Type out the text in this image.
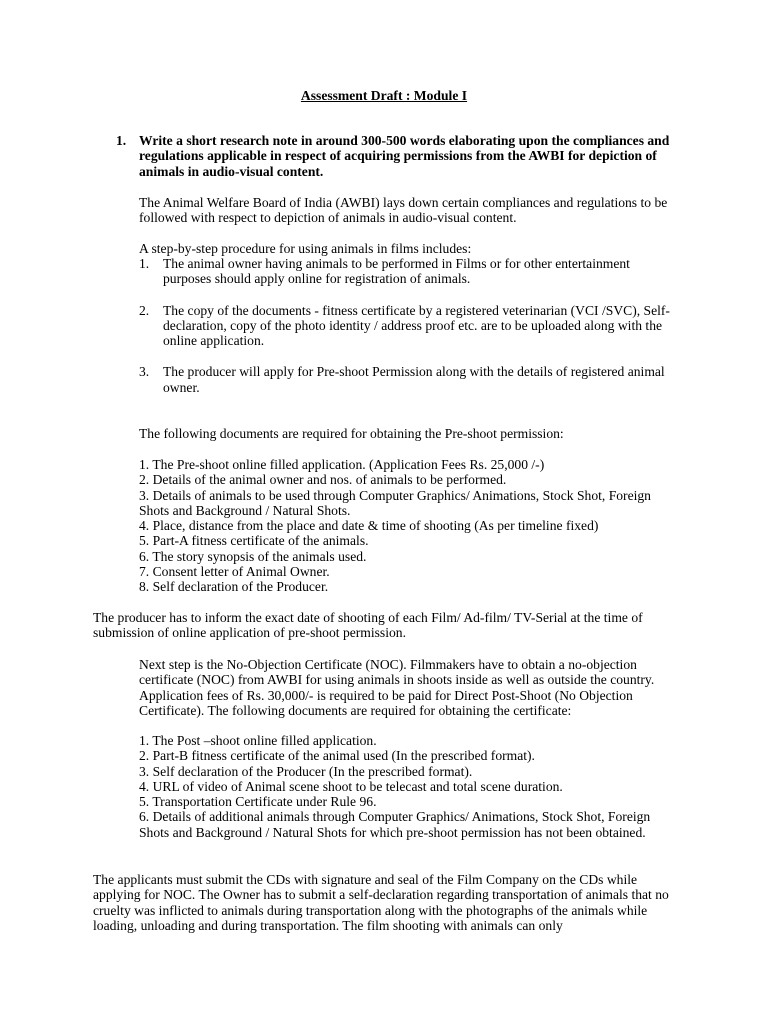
Assessment Draft : Module I
1. Write a short research note in around 300-500 words elaborating upon the compliances and regulations applicable in respect of acquiring permissions from the AWBI for depiction of animals in audio-visual content.
The Animal Welfare Board of India (AWBI) lays down certain compliances and regulations to be followed with respect to depiction of animals in audio-visual content.
A step-by-step procedure for using animals in films includes:
1. The animal owner having animals to be performed in Films or for other entertainment purposes should apply online for registration of animals.
2. The copy of the documents - fitness certificate by a registered veterinarian (VCI /SVC), Self-declaration, copy of the photo identity / address proof etc. are to be uploaded along with the online application.
3. The producer will apply for Pre-shoot Permission along with the details of registered animal owner.
The following documents are required for obtaining the Pre-shoot permission:
1. The Pre-shoot online filled application. (Application Fees Rs. 25,000 /-)
2. Details of the animal owner and nos. of animals to be performed.
3. Details of animals to be used through Computer Graphics/ Animations, Stock Shot, Foreign Shots and Background / Natural Shots.
4. Place, distance from the place and date & time of shooting (As per timeline fixed)
5. Part-A fitness certificate of the animals.
6. The story synopsis of the animals used.
7. Consent letter of Animal Owner.
8. Self declaration of the Producer.
The producer has to inform the exact date of shooting of each Film/ Ad-film/ TV-Serial at the time of submission of online application of pre-shoot permission.
Next step is the No-Objection Certificate (NOC). Filmmakers have to obtain a no-objection certificate (NOC) from AWBI for using animals in shoots inside as well as outside the country. Application fees of Rs. 30,000/- is required to be paid for Direct Post-Shoot (No Objection Certificate). The following documents are required for obtaining the certificate:
1. The Post –shoot online filled application.
2. Part-B fitness certificate of the animal used (In the prescribed format).
3. Self declaration of the Producer (In the prescribed format).
4. URL of video of Animal scene shoot to be telecast and total scene duration.
5. Transportation Certificate under Rule 96.
6. Details of additional animals through Computer Graphics/ Animations, Stock Shot, Foreign Shots and Background / Natural Shots for which pre-shoot permission has not been obtained.
The applicants must submit the CDs with signature and seal of the Film Company on the CDs while applying for NOC. The Owner has to submit a self-declaration regarding transportation of animals that no cruelty was inflicted to animals during transportation along with the photographs of the animals while loading, unloading and during transportation. The film shooting with animals can only
